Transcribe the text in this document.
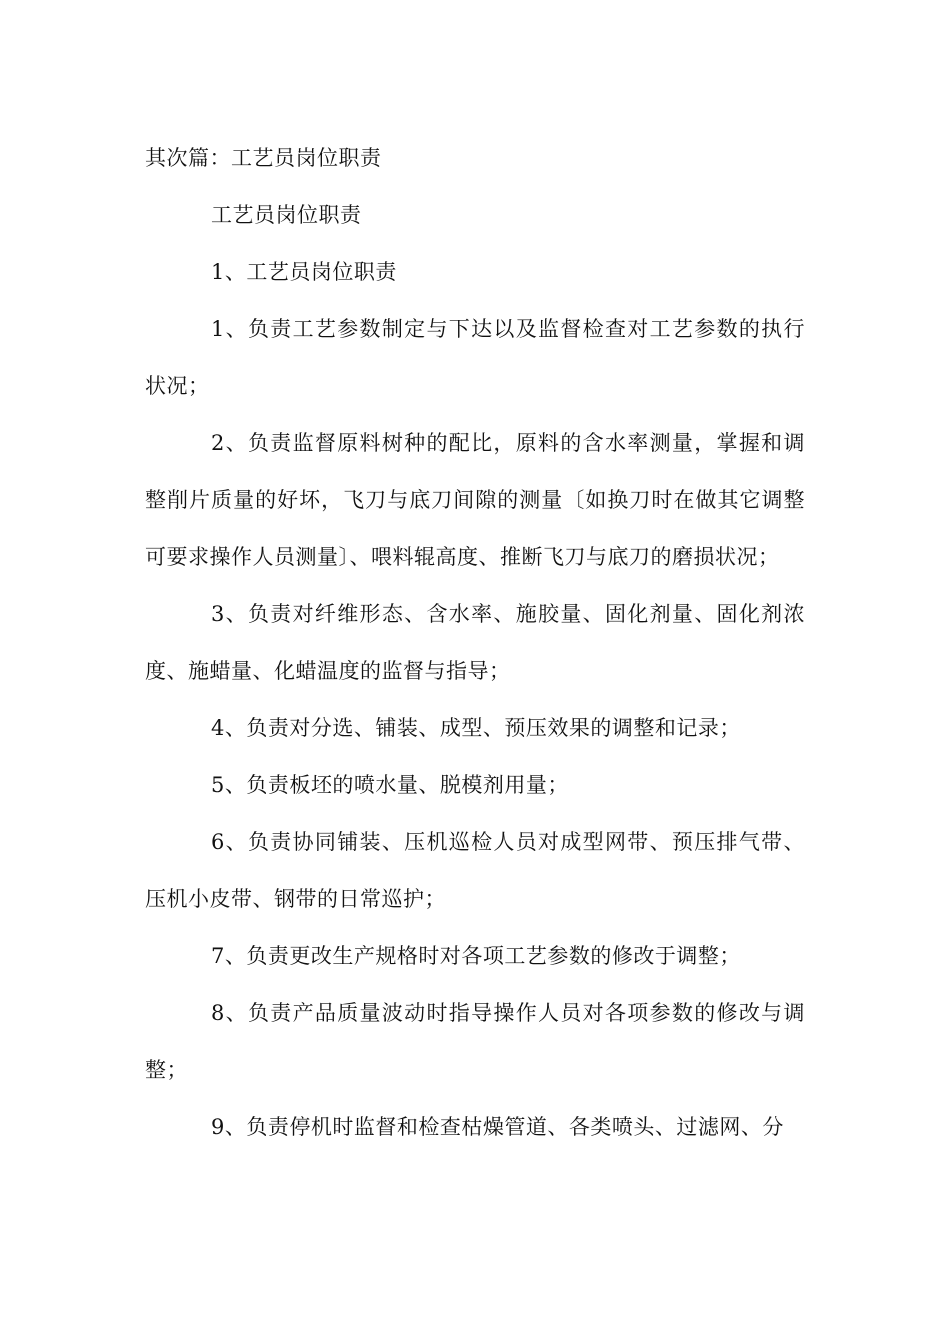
其次篇：工艺员岗位职责

工艺员岗位职责

1、工艺员岗位职责

1、负责工艺参数制定与下达以及监督检查对工艺参数的执行状况；

2、负责监督原料树种的配比，原料的含水率测量，掌握和调整削片质量的好坏，飞刀与底刀间隙的测量〔如换刀时在做其它调整可要求操作人员测量〕、喂料辊高度、推断飞刀与底刀的磨损状况；

3、负责对纤维形态、含水率、施胶量、固化剂量、固化剂浓度、施蜡量、化蜡温度的监督与指导；

4、负责对分选、铺装、成型、预压效果的调整和记录；

5、负责板坯的喷水量、脱模剂用量；

6、负责协同铺装、压机巡检人员对成型网带、预压排气带、压机小皮带、钢带的日常巡护；

7、负责更改生产规格时对各项工艺参数的修改于调整；

8、负责产品质量波动时指导操作人员对各项参数的修改与调整；

9、负责停机时监督和检查枯燥管道、各类喷头、过滤网、分
